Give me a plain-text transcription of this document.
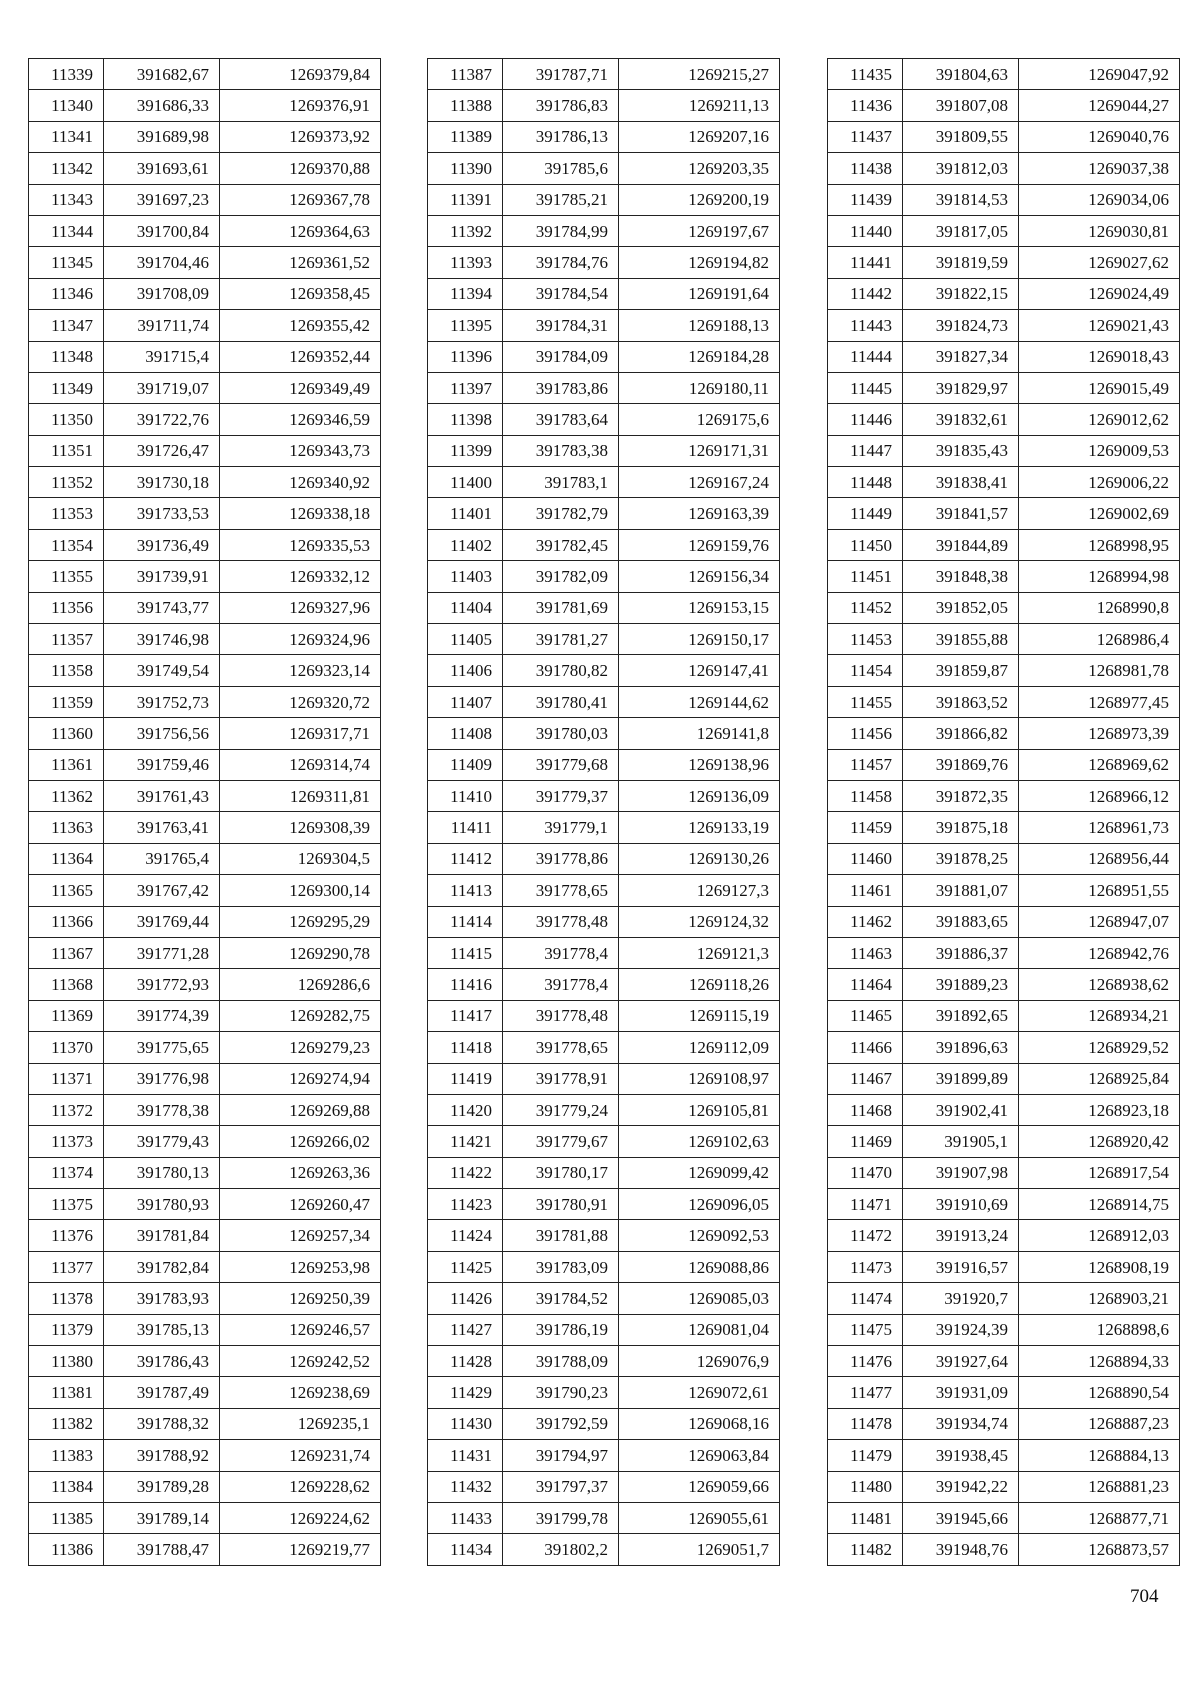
11339	391682,67	1269379,84
11340	391686,33	1269376,91
11341	391689,98	1269373,92
11342	391693,61	1269370,88
11343	391697,23	1269367,78
11344	391700,84	1269364,63
11345	391704,46	1269361,52
11346	391708,09	1269358,45
11347	391711,74	1269355,42
11348	391715,4	1269352,44
11349	391719,07	1269349,49
11350	391722,76	1269346,59
11351	391726,47	1269343,73
11352	391730,18	1269340,92
11353	391733,53	1269338,18
11354	391736,49	1269335,53
11355	391739,91	1269332,12
11356	391743,77	1269327,96
11357	391746,98	1269324,96
11358	391749,54	1269323,14
11359	391752,73	1269320,72
11360	391756,56	1269317,71
11361	391759,46	1269314,74
11362	391761,43	1269311,81
11363	391763,41	1269308,39
11364	391765,4	1269304,5
11365	391767,42	1269300,14
11366	391769,44	1269295,29
11367	391771,28	1269290,78
11368	391772,93	1269286,6
11369	391774,39	1269282,75
11370	391775,65	1269279,23
11371	391776,98	1269274,94
11372	391778,38	1269269,88
11373	391779,43	1269266,02
11374	391780,13	1269263,36
11375	391780,93	1269260,47
11376	391781,84	1269257,34
11377	391782,84	1269253,98
11378	391783,93	1269250,39
11379	391785,13	1269246,57
11380	391786,43	1269242,52
11381	391787,49	1269238,69
11382	391788,32	1269235,1
11383	391788,92	1269231,74
11384	391789,28	1269228,62
11385	391789,14	1269224,62
11386	391788,47	1269219,77
11387	391787,71	1269215,27
11388	391786,83	1269211,13
11389	391786,13	1269207,16
11390	391785,6	1269203,35
11391	391785,21	1269200,19
11392	391784,99	1269197,67
11393	391784,76	1269194,82
11394	391784,54	1269191,64
11395	391784,31	1269188,13
11396	391784,09	1269184,28
11397	391783,86	1269180,11
11398	391783,64	1269175,6
11399	391783,38	1269171,31
11400	391783,1	1269167,24
11401	391782,79	1269163,39
11402	391782,45	1269159,76
11403	391782,09	1269156,34
11404	391781,69	1269153,15
11405	391781,27	1269150,17
11406	391780,82	1269147,41
11407	391780,41	1269144,62
11408	391780,03	1269141,8
11409	391779,68	1269138,96
11410	391779,37	1269136,09
11411	391779,1	1269133,19
11412	391778,86	1269130,26
11413	391778,65	1269127,3
11414	391778,48	1269124,32
11415	391778,4	1269121,3
11416	391778,4	1269118,26
11417	391778,48	1269115,19
11418	391778,65	1269112,09
11419	391778,91	1269108,97
11420	391779,24	1269105,81
11421	391779,67	1269102,63
11422	391780,17	1269099,42
11423	391780,91	1269096,05
11424	391781,88	1269092,53
11425	391783,09	1269088,86
11426	391784,52	1269085,03
11427	391786,19	1269081,04
11428	391788,09	1269076,9
11429	391790,23	1269072,61
11430	391792,59	1269068,16
11431	391794,97	1269063,84
11432	391797,37	1269059,66
11433	391799,78	1269055,61
11434	391802,2	1269051,7
11435	391804,63	1269047,92
11436	391807,08	1269044,27
11437	391809,55	1269040,76
11438	391812,03	1269037,38
11439	391814,53	1269034,06
11440	391817,05	1269030,81
11441	391819,59	1269027,62
11442	391822,15	1269024,49
11443	391824,73	1269021,43
11444	391827,34	1269018,43
11445	391829,97	1269015,49
11446	391832,61	1269012,62
11447	391835,43	1269009,53
11448	391838,41	1269006,22
11449	391841,57	1269002,69
11450	391844,89	1268998,95
11451	391848,38	1268994,98
11452	391852,05	1268990,8
11453	391855,88	1268986,4
11454	391859,87	1268981,78
11455	391863,52	1268977,45
11456	391866,82	1268973,39
11457	391869,76	1268969,62
11458	391872,35	1268966,12
11459	391875,18	1268961,73
11460	391878,25	1268956,44
11461	391881,07	1268951,55
11462	391883,65	1268947,07
11463	391886,37	1268942,76
11464	391889,23	1268938,62
11465	391892,65	1268934,21
11466	391896,63	1268929,52
11467	391899,89	1268925,84
11468	391902,41	1268923,18
11469	391905,1	1268920,42
11470	391907,98	1268917,54
11471	391910,69	1268914,75
11472	391913,24	1268912,03
11473	391916,57	1268908,19
11474	391920,7	1268903,21
11475	391924,39	1268898,6
11476	391927,64	1268894,33
11477	391931,09	1268890,54
11478	391934,74	1268887,23
11479	391938,45	1268884,13
11480	391942,22	1268881,23
11481	391945,66	1268877,71
11482	391948,76	1268873,57
704
